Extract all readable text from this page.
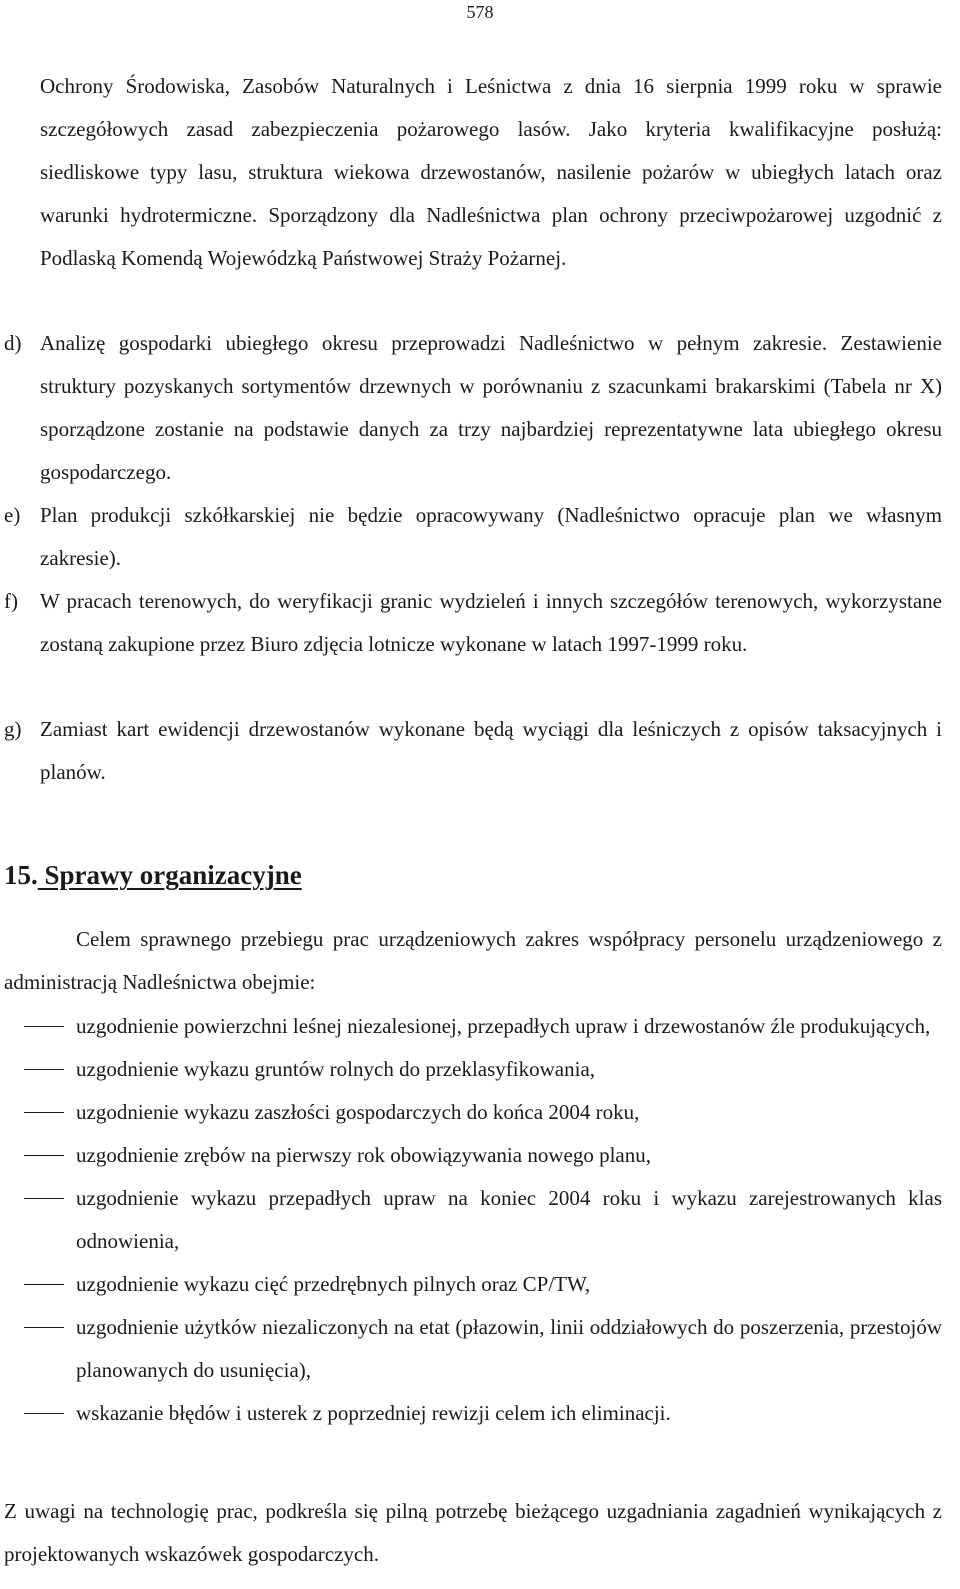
578

Ochrony Środowiska, Zasobów Naturalnych i Leśnictwa z dnia 16 sierpnia 1999 roku w sprawie szczegółowych zasad zabezpieczenia pożarowego lasów. Jako kryteria kwalifikacyjne posłużą: siedliskowe typy lasu, struktura wiekowa drzewostanów, nasilenie pożarów w ubiegłych latach oraz warunki hydrotermiczne. Sporządzony dla Nadleśnictwa plan ochrony przeciwpożarowej uzgodnić z Podlaską Komendą Wojewódzką Państwowej Straży Pożarnej.

d) Analizę gospodarki ubiegłego okresu przeprowadzi Nadleśnictwo w pełnym zakresie. Zestawienie struktury pozyskanych sortymentów drzewnych w porównaniu z szacunkami brakarskimi (Tabela nr X) sporządzone zostanie na podstawie danych za trzy najbardziej reprezentatywne lata ubiegłego okresu gospodarczego.
e) Plan produkcji szkółkarskiej nie będzie opracowywany (Nadleśnictwo opracuje plan we własnym zakresie).
f) W pracach terenowych, do weryfikacji granic wydzieleń i innych szczegółów terenowych, wykorzystane zostaną zakupione przez Biuro zdjęcia lotnicze wykonane w latach 1997-1999 roku.
g) Zamiast kart ewidencji drzewostanów wykonane będą wyciągi dla leśniczych z opisów taksacyjnych i planów.
15. Sprawy organizacyjne

Celem sprawnego przebiegu prac urządzeniowych zakres współpracy personelu urządzeniowego z administracją Nadleśnictwa obejmie:

uzgodnienie powierzchni leśnej niezalesionej, przepadłych upraw i drzewostanów źle produkujących,
uzgodnienie wykazu gruntów rolnych do przeklasyfikowania,
uzgodnienie wykazu zaszłości gospodarczych do końca 2004 roku,
uzgodnienie zrębów na pierwszy rok obowiązywania nowego planu,
uzgodnienie wykazu przepadłych upraw na koniec 2004 roku i wykazu zarejestrowanych klas odnowienia,
uzgodnienie wykazu cięć przedrębnych pilnych oraz CP/TW,
uzgodnienie użytków niezaliczonych na etat (płazowin, linii oddziałowych do poszerzenia, przestojów planowanych do usunięcia),
wskazanie błędów i usterek z poprzedniej rewizji celem ich eliminacji.

Z uwagi na technologię prac, podkreśla się pilną potrzebę bieżącego uzgadniania zagadnień wynikających z projektowanych wskazówek gospodarczych.
